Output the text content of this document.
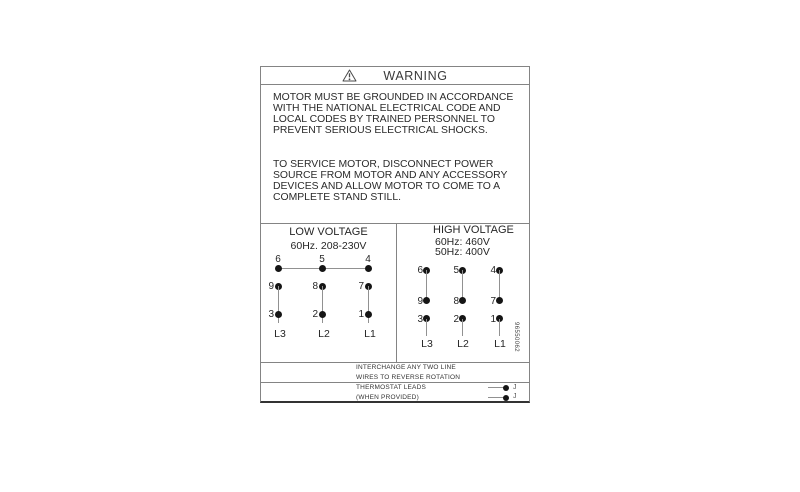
WARNING
MOTOR MUST BE GROUNDED IN ACCORDANCE
WITH THE NATIONAL ELECTRICAL CODE AND
LOCAL CODES BY TRAINED PERSONNEL TO
PREVENT SERIOUS ELECTRICAL SHOCKS.
TO SERVICE MOTOR, DISCONNECT POWER
SOURCE FROM MOTOR AND ANY ACCESSORY
DEVICES AND ALLOW MOTOR TO COME TO A
COMPLETE STAND STILL.
LOW VOLTAGE
60Hz. 208-230V
6	5	4
9	8	7
3	2	1
L3	L2	L1
HIGH VOLTAGE
60Hz: 460V
50Hz: 400V
6	5	4
9	8	7
3	2	1
L3	L2	L1	96550062
INTERCHANGE ANY TWO LINE
WIRES TO REVERSE ROTATION
THERMOSTAT LEADS
(WHEN PROVIDED)
J
J
